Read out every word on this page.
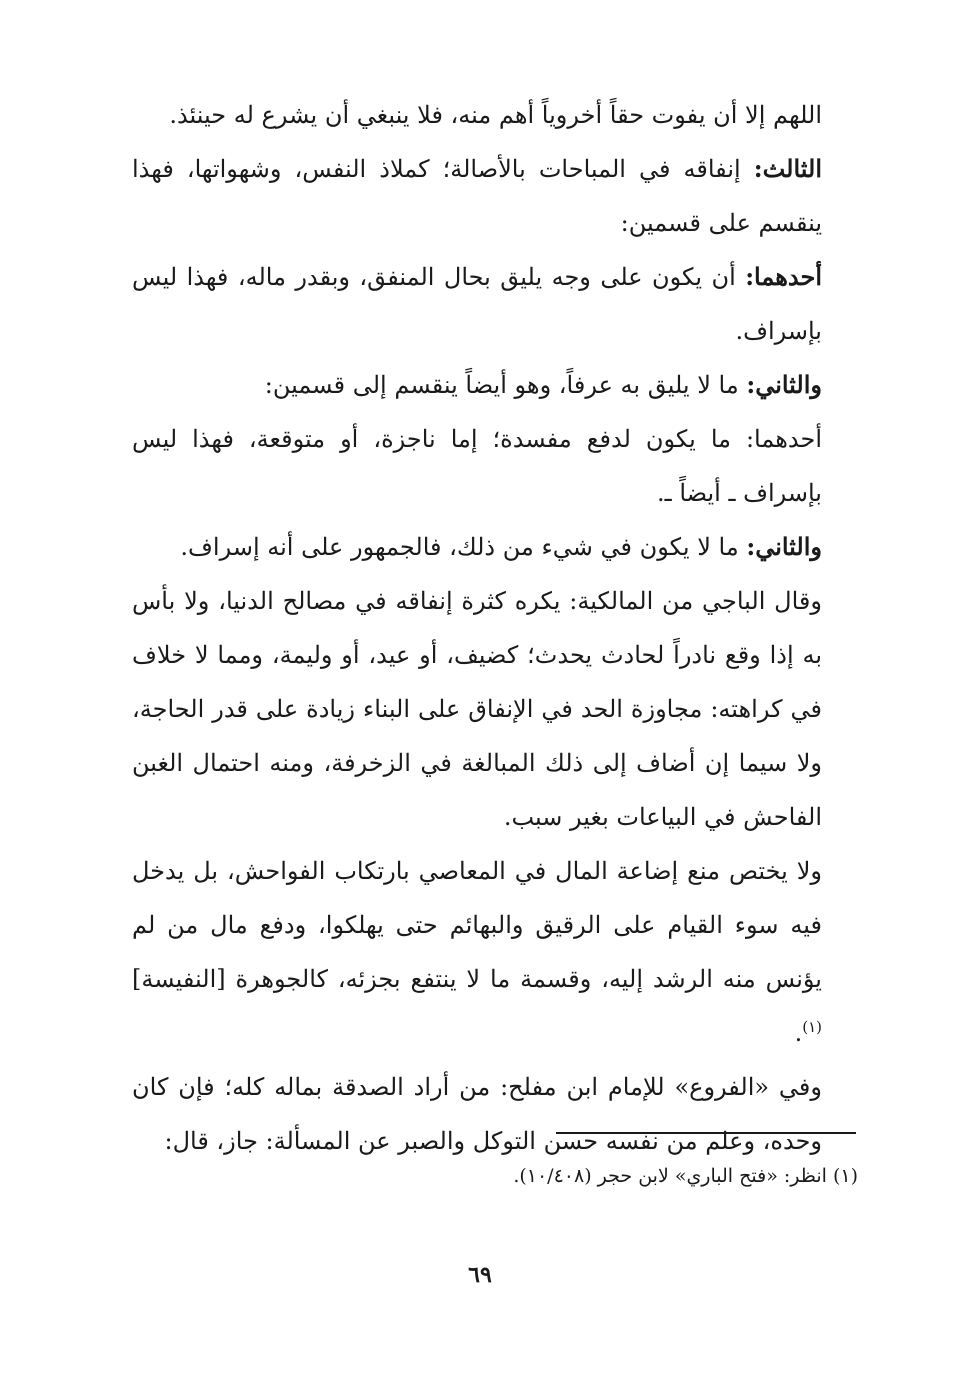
اللهم إلا أن يفوت حقاً أخروياً أهم منه، فلا ينبغي أن يشرع له حينئذ.

الثالث: إنفاقه في المباحات بالأصالة؛ كملاذ النفس، وشهواتها، فهذا ينقسم على قسمين:

أحدهما: أن يكون على وجه يليق بحال المنفق، وبقدر ماله، فهذا ليس بإسراف.

والثاني: ما لا يليق به عرفاً، وهو أيضاً ينقسم إلى قسمين:

أحدهما: ما يكون لدفع مفسدة؛ إما ناجزة، أو متوقعة، فهذا ليس بإسراف ـ أيضاً ـ.

والثاني: ما لا يكون في شيء من ذلك، فالجمهور على أنه إسراف.

وقال الباجي من المالكية: يكره كثرة إنفاقه في مصالح الدنيا، ولا بأس به إذا وقع نادراً لحادث يحدث؛ كضيف، أو عيد، أو وليمة، ومما لا خلاف في كراهته: مجاوزة الحد في الإنفاق على البناء زيادة على قدر الحاجة، ولا سيما إن أضاف إلى ذلك المبالغة في الزخرفة، ومنه احتمال الغبن الفاحش في البياعات بغير سبب.

ولا يختص منع إضاعة المال في المعاصي بارتكاب الفواحش، بل يدخل فيه سوء القيام على الرقيق والبهائم حتى يهلكوا، ودفع مال من لم يؤنس منه الرشد إليه، وقسمة ما لا ينتفع بجزئه، كالجوهرة [النفيسة]$^{(١)}$.

وفي «الفروع» للإمام ابن مفلح: من أراد الصدقة بماله كله؛ فإن كان وحده، وعلم من نفسه حسن التوكل والصبر عن المسألة: جاز، قال:

(١) انظر: «فتح الباري» لابن حجر (١٠/٤٠٨).
٦٩
